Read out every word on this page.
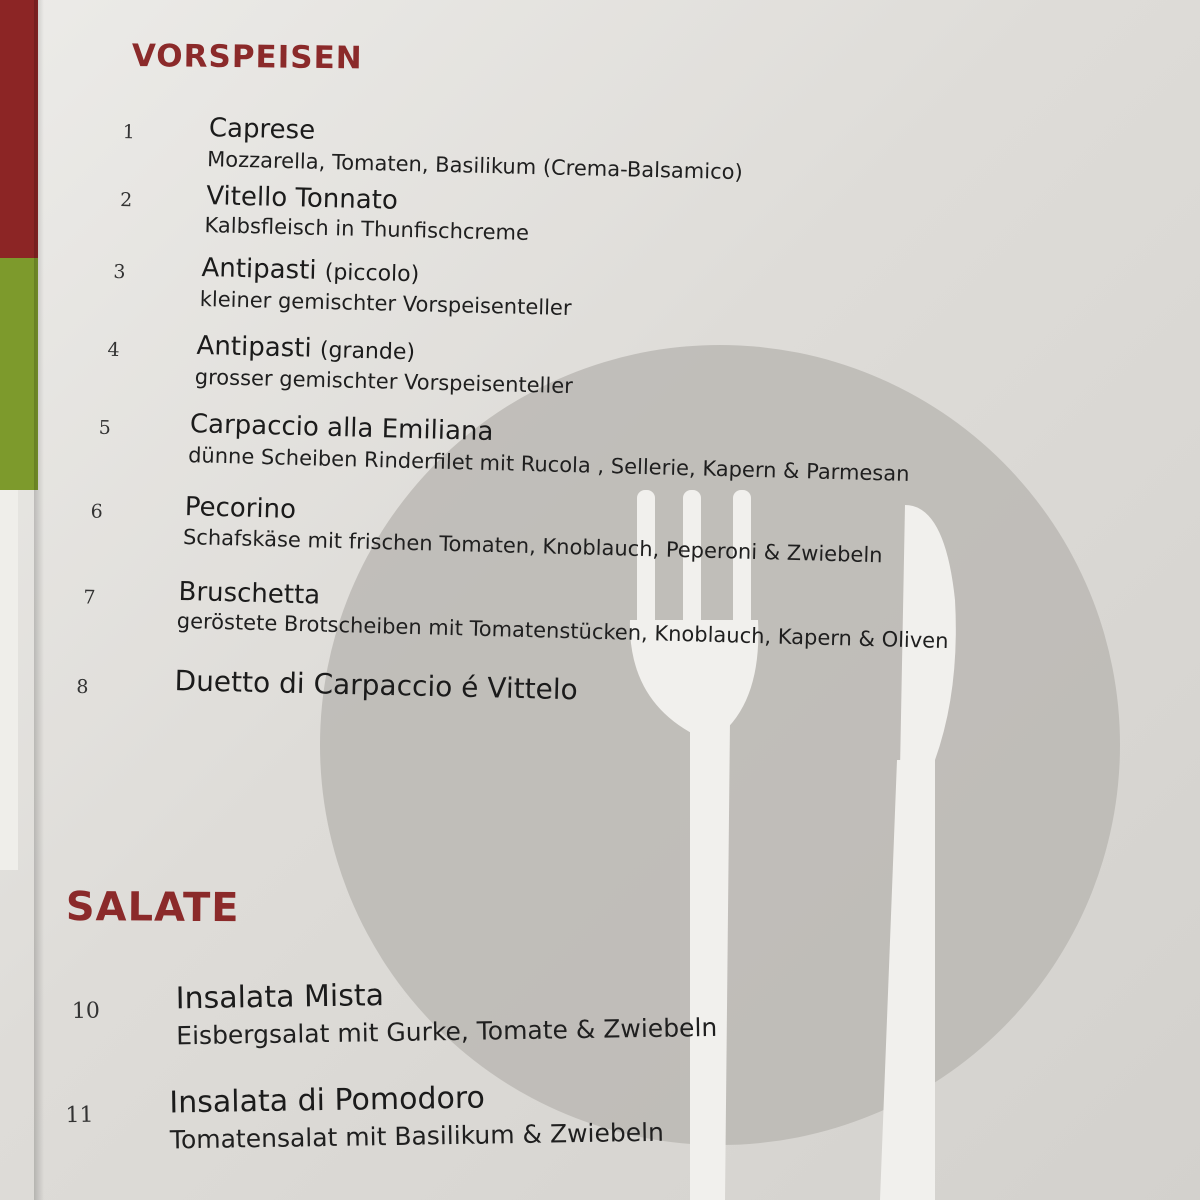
VORSPEISEN
1	Caprese
Mozzarella, Tomaten, Basilikum (Crema-Balsamico)
2	Vitello Tonnato
Kalbsfleisch in Thunfischcreme
3	Antipasti (piccolo)
kleiner gemischter Vorspeisenteller
4	Antipasti (grande)
grosser gemischter Vorspeisenteller
5	Carpaccio alla Emiliana
dünne Scheiben Rinderfilet mit Rucola , Sellerie, Kapern & Parmesan
6	Pecorino
Schafskäse mit frischen Tomaten, Knoblauch, Peperoni & Zwiebeln
7	Bruschetta
geröstete Brotscheiben mit Tomatenstücken, Knoblauch, Kapern & Oliven
8	Duetto di Carpaccio é Vittelo
SALATE
10	Insalata Mista
Eisbergsalat mit Gurke, Tomate & Zwiebeln
11	Insalata di Pomodoro
Tomatensalat mit Basilikum & Zwiebeln
